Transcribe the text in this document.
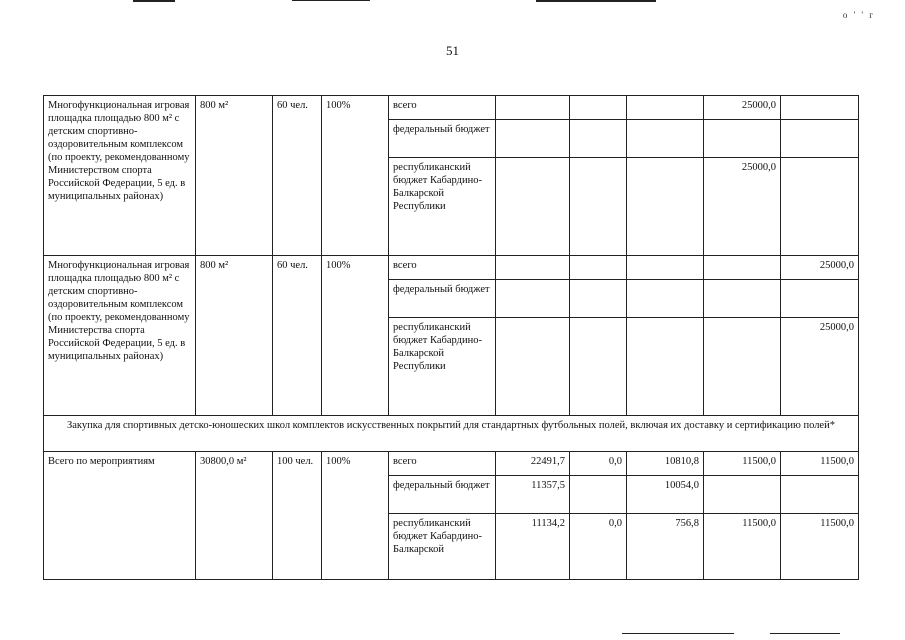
о ' ' г
51
Многофункциональная игровая площадка площадью 800 м² с детским спортивно-оздоровительным комплексом (по проекту, рекомендованному Министерством спорта Российской Федерации, 5 ед. в муниципальных районах)	800 м²	60 чел.	100%	всего				25000,0	
				федеральный бюджет					
				республиканский бюджет Кабардино-Балкарской Республики				25000,0	
Многофункциональная игровая площадка площадью 800 м² с детским спортивно-оздоровительным комплексом (по проекту, рекомендованному Министерства спорта Российской Федерации, 5 ед. в муниципальных районах)	800 м²	60 чел.	100%	всего					25000,0
				федеральный бюджет					
				республиканский бюджет Кабардино-Балкарской Республики					25000,0
Закупка для спортивных детско-юношеских школ комплектов искусственных покрытий для стандартных футбольных полей, включая их доставку и сертификацию полей*									
Всего по мероприятиям	30800,0 м²	100 чел.	100%	всего	22491,7	0,0	10810,8	11500,0	11500,0
				федеральный бюджет	11357,5		10054,0		
				республиканский бюджет Кабардино-Балкарской	11134,2	0,0	756,8	11500,0	11500,0
